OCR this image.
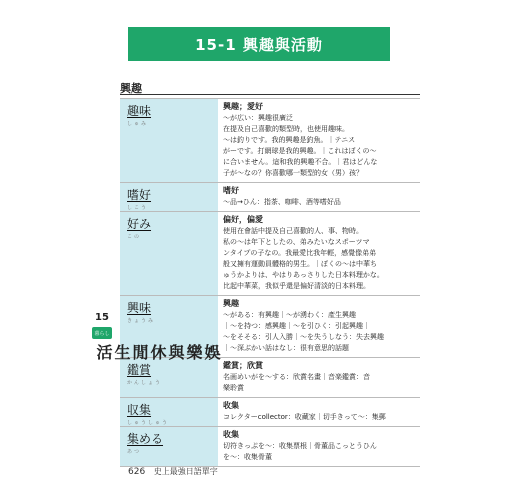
15-1 興趣與活動
興趣
趣味
しゅみ
興趣；愛好
〜が広い：興趣很廣泛
在提及自己喜歡的類型時，也使用趣味。
〜は釣りです。我的興趣是釣魚。｜テニス
がーです。打網球是我的興趣。｜これはぼくの〜
に合いません。這和我的興趣不合。｜君はどんな
子が〜なの？你喜歡哪一類型的女（男）孩？
嗜好
しこう
嗜好
〜品→ひん：指茶、咖啡、酒等嗜好品
好み
この
偏好，偏愛
使用在會話中提及自己喜歡的人、事、物時。
私の〜は年下としたの、弟みたいなスポーツマ
ンタイプの子なの。我最愛比我年輕，感覺像弟弟
般又擁有運動員體格的男生。｜ぼくの〜は中華ち
ゅうかよりは、やはりあっさりした日本料理かな。
比起中華菜，我似乎還是偏好清淡的日本料理。
興味
きょうみ
興趣
〜がある：有興趣｜〜が湧わく：產生興趣
｜〜を持つ：感興趣｜〜を引ひく：引起興趣｜
〜をそそる：引人入勝｜〜を失うしなう：失去興趣
｜〜深ぶかい話はなし：很有意思的話題
鑑賞
かんしょう
鑑賞；欣賞
名画めいがを〜する：欣賞名畫｜音楽鑑賞：音
樂聆賞
収集
しゅうしゅう
收集
コレクターcollector：收藏家｜切手きって〜：集郵
集める
あつ
收集
切符きっぷを〜：收集票根｜骨董品こっとうひん
を〜：收集骨董
15
暮らし
娛樂與休閒生活
626 史上最強日語單字
